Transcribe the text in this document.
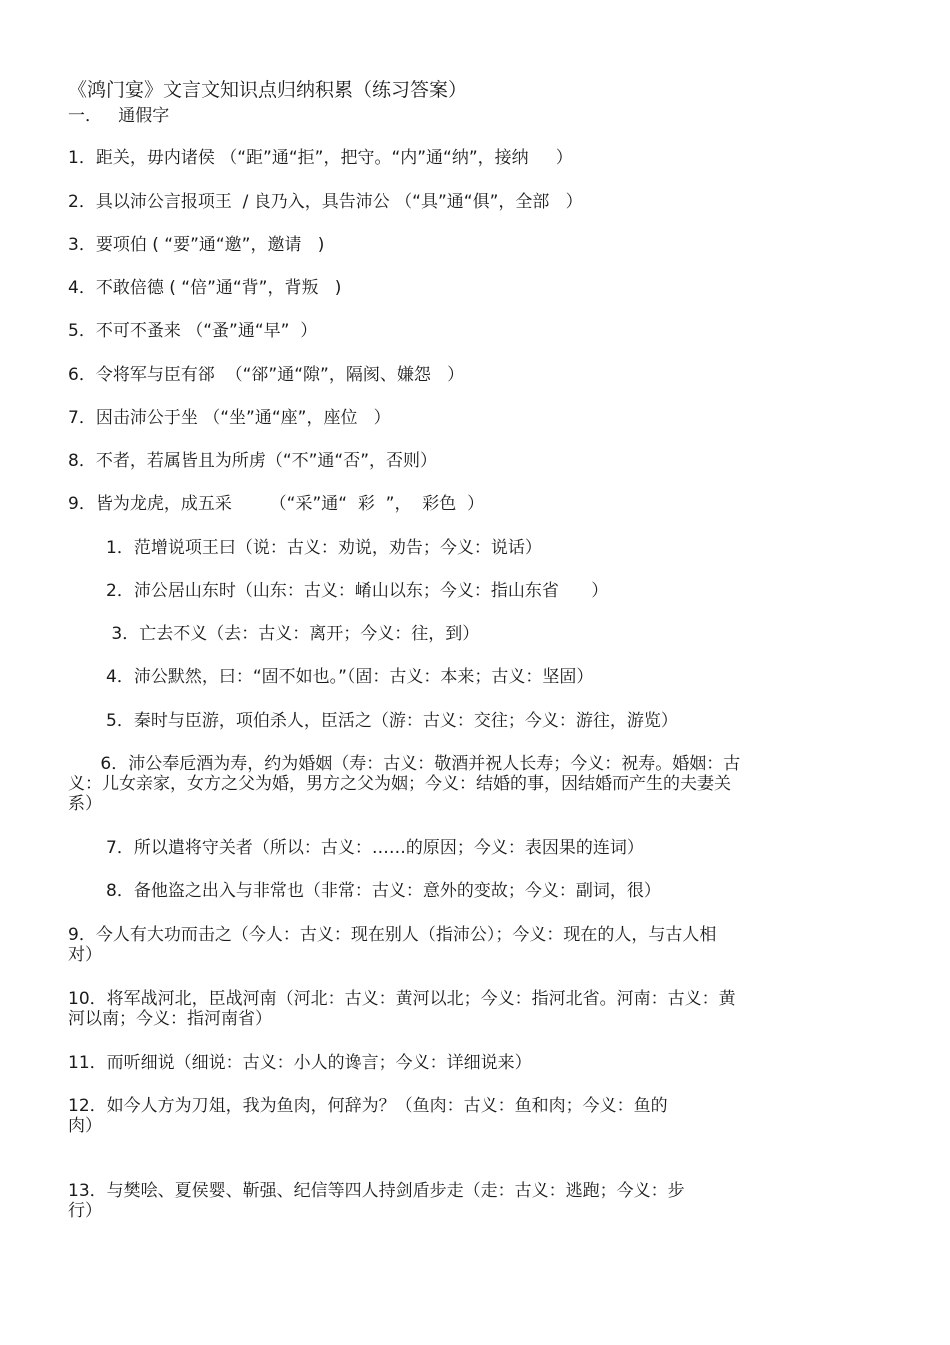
《鸿门宴》文言文知识点归纳积累（练习答案）
一．   通假字
1．距关，毋内诸侯 （“距”通“拒”，把守。“内”通“纳”，接纳     ）
2．具以沛公言报项王  / 良乃入，具告沛公 （“具”通“俱”，全部   ）
3．要项伯 ( “要”通“邀”，邀请   )
4．不敢倍德 ( “倍”通“背”，背叛   )
5．不可不蚤来 （“蚤”通“早”  ）
6．令将军与臣有郤  （“郤”通“隙”，隔阂、嫌怨   ）
7．因击沛公于坐 （“坐”通“座”，座位   ）
8．不者，若属皆且为所虏（“不”通“否”，否则）
9．皆为龙虎，成五采       （“采”通“  彩  ”，  彩色  ）
1．范增说项王曰（说：古义：劝说，劝告；今义：说话）
2．沛公居山东时（山东：古义：崤山以东；今义：指山东省      ）
3．亡去不义（去：古义：离开；今义：往，到）
4．沛公默然，曰：“固不如也。”（固：古义：本来；古义：坚固）
5．秦时与臣游，项伯杀人，臣活之（游：古义：交往；今义：游往，游览）
6．沛公奉卮酒为寿，约为婚姻（寿：古义：敬酒并祝人长寿；今义：祝寿。婚姻：古
义：儿女亲家，女方之父为婚，男方之父为姻；今义：结婚的事，因结婚而产生的夫妻关
系）
7．所以遣将守关者（所以：古义：……的原因；今义：表因果的连词）
8．备他盗之出入与非常也（非常：古义：意外的变故；今义：副词，很）
9．今人有大功而击之（今人：古义：现在别人（指沛公）；今义：现在的人，与古人相
对）
10．将军战河北，臣战河南（河北：古义：黄河以北；今义：指河北省。河南：古义：黄
河以南；今义：指河南省）
11．而听细说（细说：古义：小人的谗言；今义：详细说来）
12．如今人方为刀俎，我为鱼肉，何辞为？（鱼肉：古义：鱼和肉；今义：鱼的
肉）
13．与樊哙、夏侯婴、靳强、纪信等四人持剑盾步走（走：古义：逃跑；今义：步
行）
